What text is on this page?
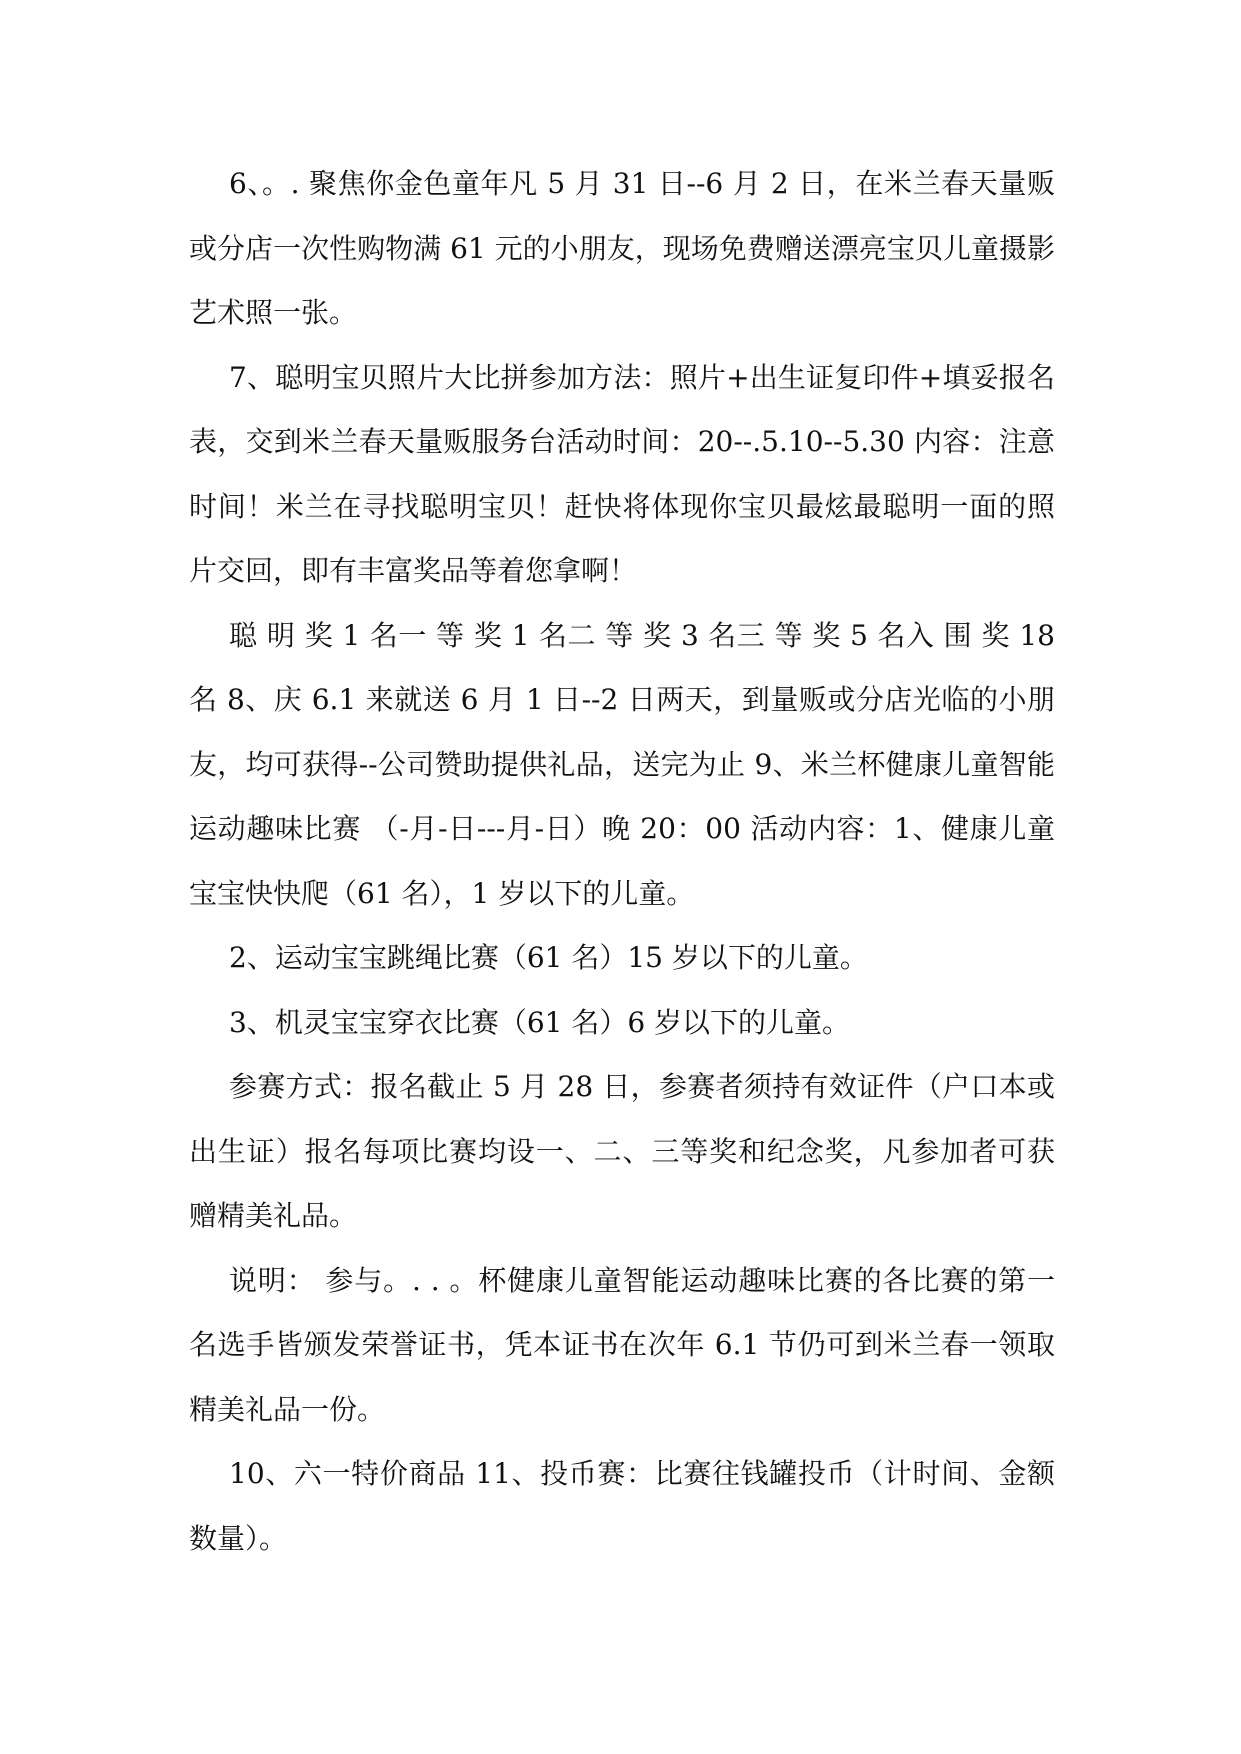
6、。. 聚焦你金色童年凡 5 月 31 日--6 月 2 日，在米兰春天量贩或分店一次性购物满 61 元的小朋友，现场免费赠送漂亮宝贝儿童摄影艺术照一张。

7、聪明宝贝照片大比拼参加方法：照片+出生证复印件+填妥报名表，交到米兰春天量贩服务台活动时间：20--.5.10--5.30 内容：注意时间！米兰在寻找聪明宝贝！赶快将体现你宝贝最炫最聪明一面的照片交回，即有丰富奖品等着您拿啊！

聪 明 奖 1 名一 等 奖 1 名二 等 奖 3 名三 等 奖 5 名入 围 奖 18 名 8、庆 6.1 来就送 6 月 1 日--2 日两天，到量贩或分店光临的小朋友，均可获得--公司赞助提供礼品，送完为止 9、米兰杯健康儿童智能运动趣味比赛 （-月-日---月-日）晚 20：00 活动内容：1、健康儿童宝宝快快爬（61 名），1 岁以下的儿童。

2、运动宝宝跳绳比赛（61 名）15 岁以下的儿童。

3、机灵宝宝穿衣比赛（61 名）6 岁以下的儿童。

参赛方式：报名截止 5 月 28 日，参赛者须持有效证件（户口本或出生证）报名每项比赛均设一、二、三等奖和纪念奖，凡参加者可获赠精美礼品。

说明： 参与。. . 。杯健康儿童智能运动趣味比赛的各比赛的第一名选手皆颁发荣誉证书，凭本证书在次年 6.1 节仍可到米兰春一领取精美礼品一份。

10、六一特价商品 11、投币赛：比赛往钱罐投币（计时间、金额数量）。
